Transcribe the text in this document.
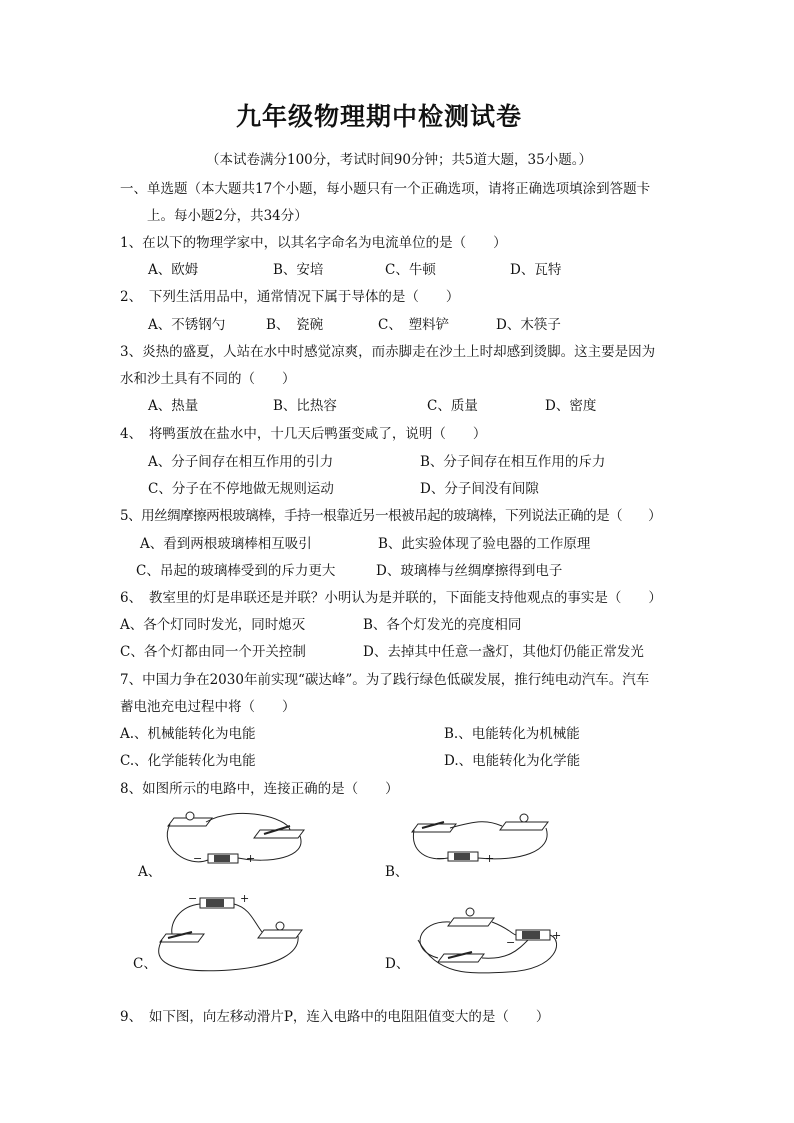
九年级物理期中检测试卷
（本试卷满分100分，考试时间90分钟；共5道大题，35小题。）
一、单选题（本大题共17个小题，每小题只有一个正确选项，请将正确选项填涂到答题卡
上。每小题2分，共34分）
1、在以下的物理学家中，以其名字命名为电流单位的是（　　）
A、欧姆	B、安培	C、牛顿	D、瓦特
2、　下列生活用品中，通常情况下属于导体的是（　　）
A、不锈钢勺	B、　瓷碗	C、　塑料铲	D、木筷子
3、炎热的盛夏，人站在水中时感觉凉爽，而赤脚走在沙土上时却感到烫脚。这主要是因为
水和沙土具有不同的（　　）
A、热量	B、比热容	C、质量	D、密度
4、　将鸭蛋放在盐水中，十几天后鸭蛋变咸了，说明（　　）
A、分子间存在相互作用的引力	B、分子间存在相互作用的斥力
C、分子在不停地做无规则运动	D、分子间没有间隙
5、用丝绸摩擦两根玻璃棒，手持一根靠近另一根被吊起的玻璃棒，下列说法正确的是（　　）
A、看到两根玻璃棒相互吸引	B、此实验体现了验电器的工作原理
C、吊起的玻璃棒受到的斥力更大	D、玻璃棒与丝绸摩擦得到电子
6、　教室里的灯是串联还是并联？小明认为是并联的，下面能支持他观点的事实是（　　）
A、各个灯同时发光，同时熄灭	B、各个灯发光的亮度相同
C、各个灯都由同一个开关控制	D、去掉其中任意一盏灯，其他灯仍能正常发光
7、中国力争在2030年前实现“碳达峰”。为了践行绿色低碳发展，推行纯电动汽车。汽车
蓄电池充电过程中将（　　）
A.、机械能转化为电能	B.、电能转化为机械能
C.、化学能转化为电能	D.、电能转化为化学能
8、如图所示的电路中，连接正确的是（　　）
−	+
A、
−	+
B、
−	+
C、
−
+
D、
9、　如下图，向左移动滑片P，连入电路中的电阻阻值变大的是（　　）
